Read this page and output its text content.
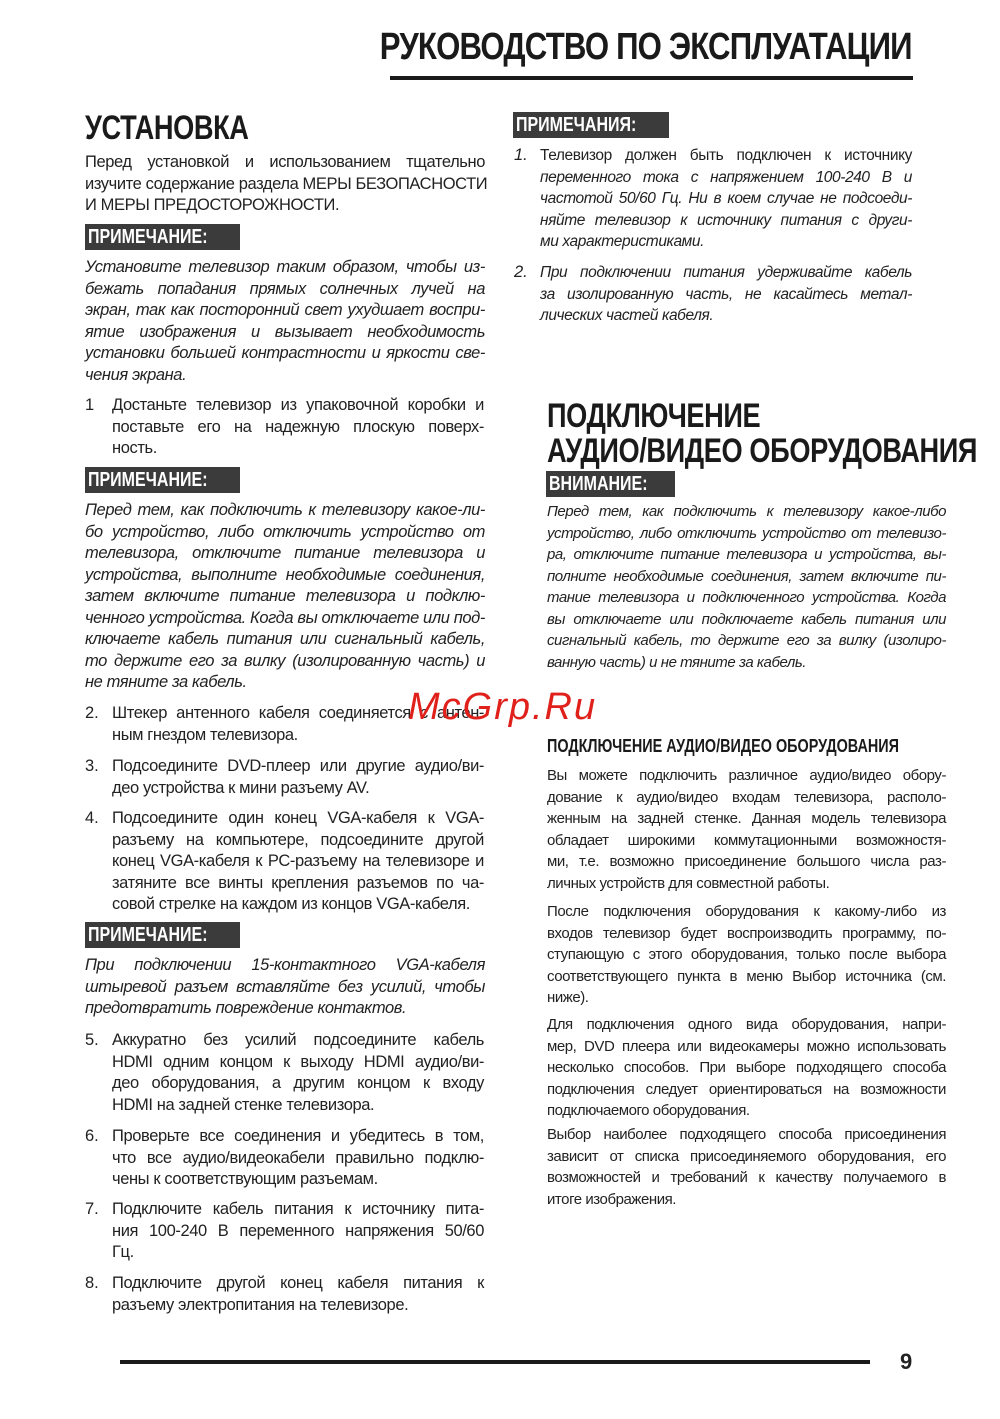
РУКОВОДСТВО ПО ЭКСПЛУАТАЦИИ
УСТАНОВКА
Перед установкой и использованием тщательно
изучите содержание раздела МЕРЫ БЕЗОПАСНОСТИ
И МЕРЫ ПРЕДОСТОРОЖНОСТИ.
ПРИМЕЧАНИЕ:
Установите телевизор таким образом, чтобы из-
бежать попадания прямых солнечных лучей на
экран, так как посторонний свет ухудшает воспри-
ятие изображения и вызывает необходимость
установки большей контрастности и яркости све-
чения экрана.
1 Достаньте телевизор из упаковочной коробки и
поставьте его на надежную плоскую поверх-
ность.
ПРИМЕЧАНИЕ:
Перед тем, как подключить к телевизору какое-ли-
бо устройство, либо отключить устройство от
телевизора, отключите питание телевизора и
устройства, выполните необходимые соединения,
затем включите питание телевизора и подклю-
ченного устройства. Когда вы отключаете или под-
ключаете кабель питания или сигнальный кабель,
то держите его за вилку (изолированную часть) и
не тяните за кабель.
2. Штекер антенного кабеля соединяется с антен-
ным гнездом телевизора.
3. Подсоедините DVD-плеер или другие аудио/ви-
део устройства к мини разъему AV.
4. Подсоедините один конец VGA-кабеля к VGA-
разъему на компьютере, подсоедините другой
конец VGA-кабеля к PC-разъему на телевизоре и
затяните все винты крепления разъемов по ча-
совой стрелке на каждом из концов VGA-кабеля.
ПРИМЕЧАНИЕ:
При подключении 15-контактного VGA-кабеля
штыревой разъем вставляйте без усилий, чтобы
предотвратить повреждение контактов.
5. Аккуратно без усилий подсоедините кабель
HDMI одним концом к выходу HDMI аудио/ви-
део оборудования, а другим концом к входу
HDMI на задней стенке телевизора.
6. Проверьте все соединения и убедитесь в том,
что все аудио/видеокабели правильно подклю-
чены к соответствующим разъемам.
7. Подключите кабель питания к источнику пита-
ния 100-240 В переменного напряжения 50/60
Гц.
8. Подключите другой конец кабеля питания к
разъему электропитания на телевизоре.
ПРИМЕЧАНИЯ:
1. Телевизор должен быть подключен к источнику
переменного тока с напряжением 100-240 В и
частотой 50/60 Гц. Ни в коем случае не подсоеди-
няйте телевизор к источнику питания с други-
ми характеристиками.
2. При подключении питания удерживайте кабель
за изолированную часть, не касайтесь метал-
лических частей кабеля.
ПОДКЛЮЧЕНИЕ
АУДИО/ВИДЕО ОБОРУДОВАНИЯ
ВНИМАНИЕ:
Перед тем, как подключить к телевизору какое-либо
устройство, либо отключить устройство от телевизо-
ра, отключите питание телевизора и устройства, вы-
полните необходимые соединения, затем включите пи-
тание телевизора и подключенного устройства. Когда
вы отключаете или подключаете кабель питания или
сигнальный кабель, то держите его за вилку (изолиро-
ванную часть) и не тяните за кабель.
ПОДКЛЮЧЕНИЕ АУДИО/ВИДЕО ОБОРУДОВАНИЯ
Вы можете подключить различное аудио/видео обору-
дование к аудио/видео входам телевизора, располо-
женным на задней стенке. Данная модель телевизора
обладает широкими коммутационными возможностя-
ми, т.е. возможно присоединение большого числа раз-
личных устройств для совместной работы.
После подключения оборудования к какому-либо из
входов телевизор будет воспроизводить программу, по-
ступающую с этого оборудования, только после выбора
соответствующего пункта в меню Выбор источника (см.
ниже).
Для подключения одного вида оборудования, напри-
мер, DVD плеера или видеокамеры можно использовать
несколько способов. При выборе подходящего способа
подключения следует ориентироваться на возможности
подключаемого оборудования.
Выбор наиболее подходящего способа присоединения
зависит от списка присоединяемого оборудования, его
возможностей и требований к качеству получаемого в
итоге изображения.
McGrp.Ru
9
